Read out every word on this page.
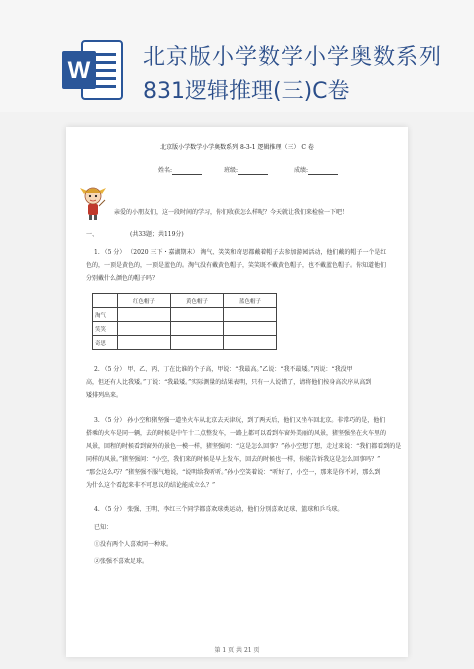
W 北京版小学数学小学奥数系列
831逻辑推理(三)C卷
北京版小学数学小学奥数系列 8-3-1 逻辑推理（三） C 卷
姓名:	班级:	成绩:
亲爱的小朋友们，这一段时间的学习，你们收获怎么样呢？今天就让我们来检验一下吧！
一、	(共33题；共119分)
1. （5 分） （2020 三下・嘉湖期末） 淘气、笑笑和奇思都戴着帽子去参加游园活动，他们戴的帽子一个是红
色的，一顶是黄色的，一顶是蓝色的。淘气没有戴黄色帽子，笑笑既不戴黄色帽子，也不戴蓝色帽子。你知道他们
分别戴什么颜色的帽子吗？
	红色帽子	黄色帽子	蓝色帽子
淘气			
笑笑			
奇思			
2. （5 分） 甲、乙、丙、丁在比谁的个子高，甲说：“我最高。”乙说：“我不最矮。”丙说：“我没甲
高，但还有人比我矮。”丁说：“我最矮。”实际测量的结果表明，只有一人说错了，请将他们按身高次序从高到
矮排列出来。
3. （5 分） 孙小空和猪坚强一道坐火车从北京去天津玩，到了两天后，他们又坐车回北京。非常巧的是，他们
搭乘的火车是同一辆，去的时候是中午十二点整发车，一路上都可以看到车窗外美丽的风景，猪坚强坐在火车里的
风景，回程的时候看到窗外的景色一模一样，猪坚强问：“这是怎么回事？”孙小空想了想，走过来说：“我们都看到的是
同样的风景。”猪坚强问：“小空，我们来的时候是早上发车，回去的时候也一样，你能告诉我这是怎么回事吗？”
“那会这么巧？”猪坚强不服气地说，“说明给我听听。”孙小空笑着说：“听好了，小空一，那来是你不对，那么到
为什么这个看起来非不可思议的结论能成立么？”
4. （5 分） 张强、王明、李红三个同学都喜欢球类运动，他们分别喜欢足球、篮球和乒乓球。
已知：
①没有两个人喜欢同一种球。
②张强不喜欢足球。
第 1 页 共 21 页
